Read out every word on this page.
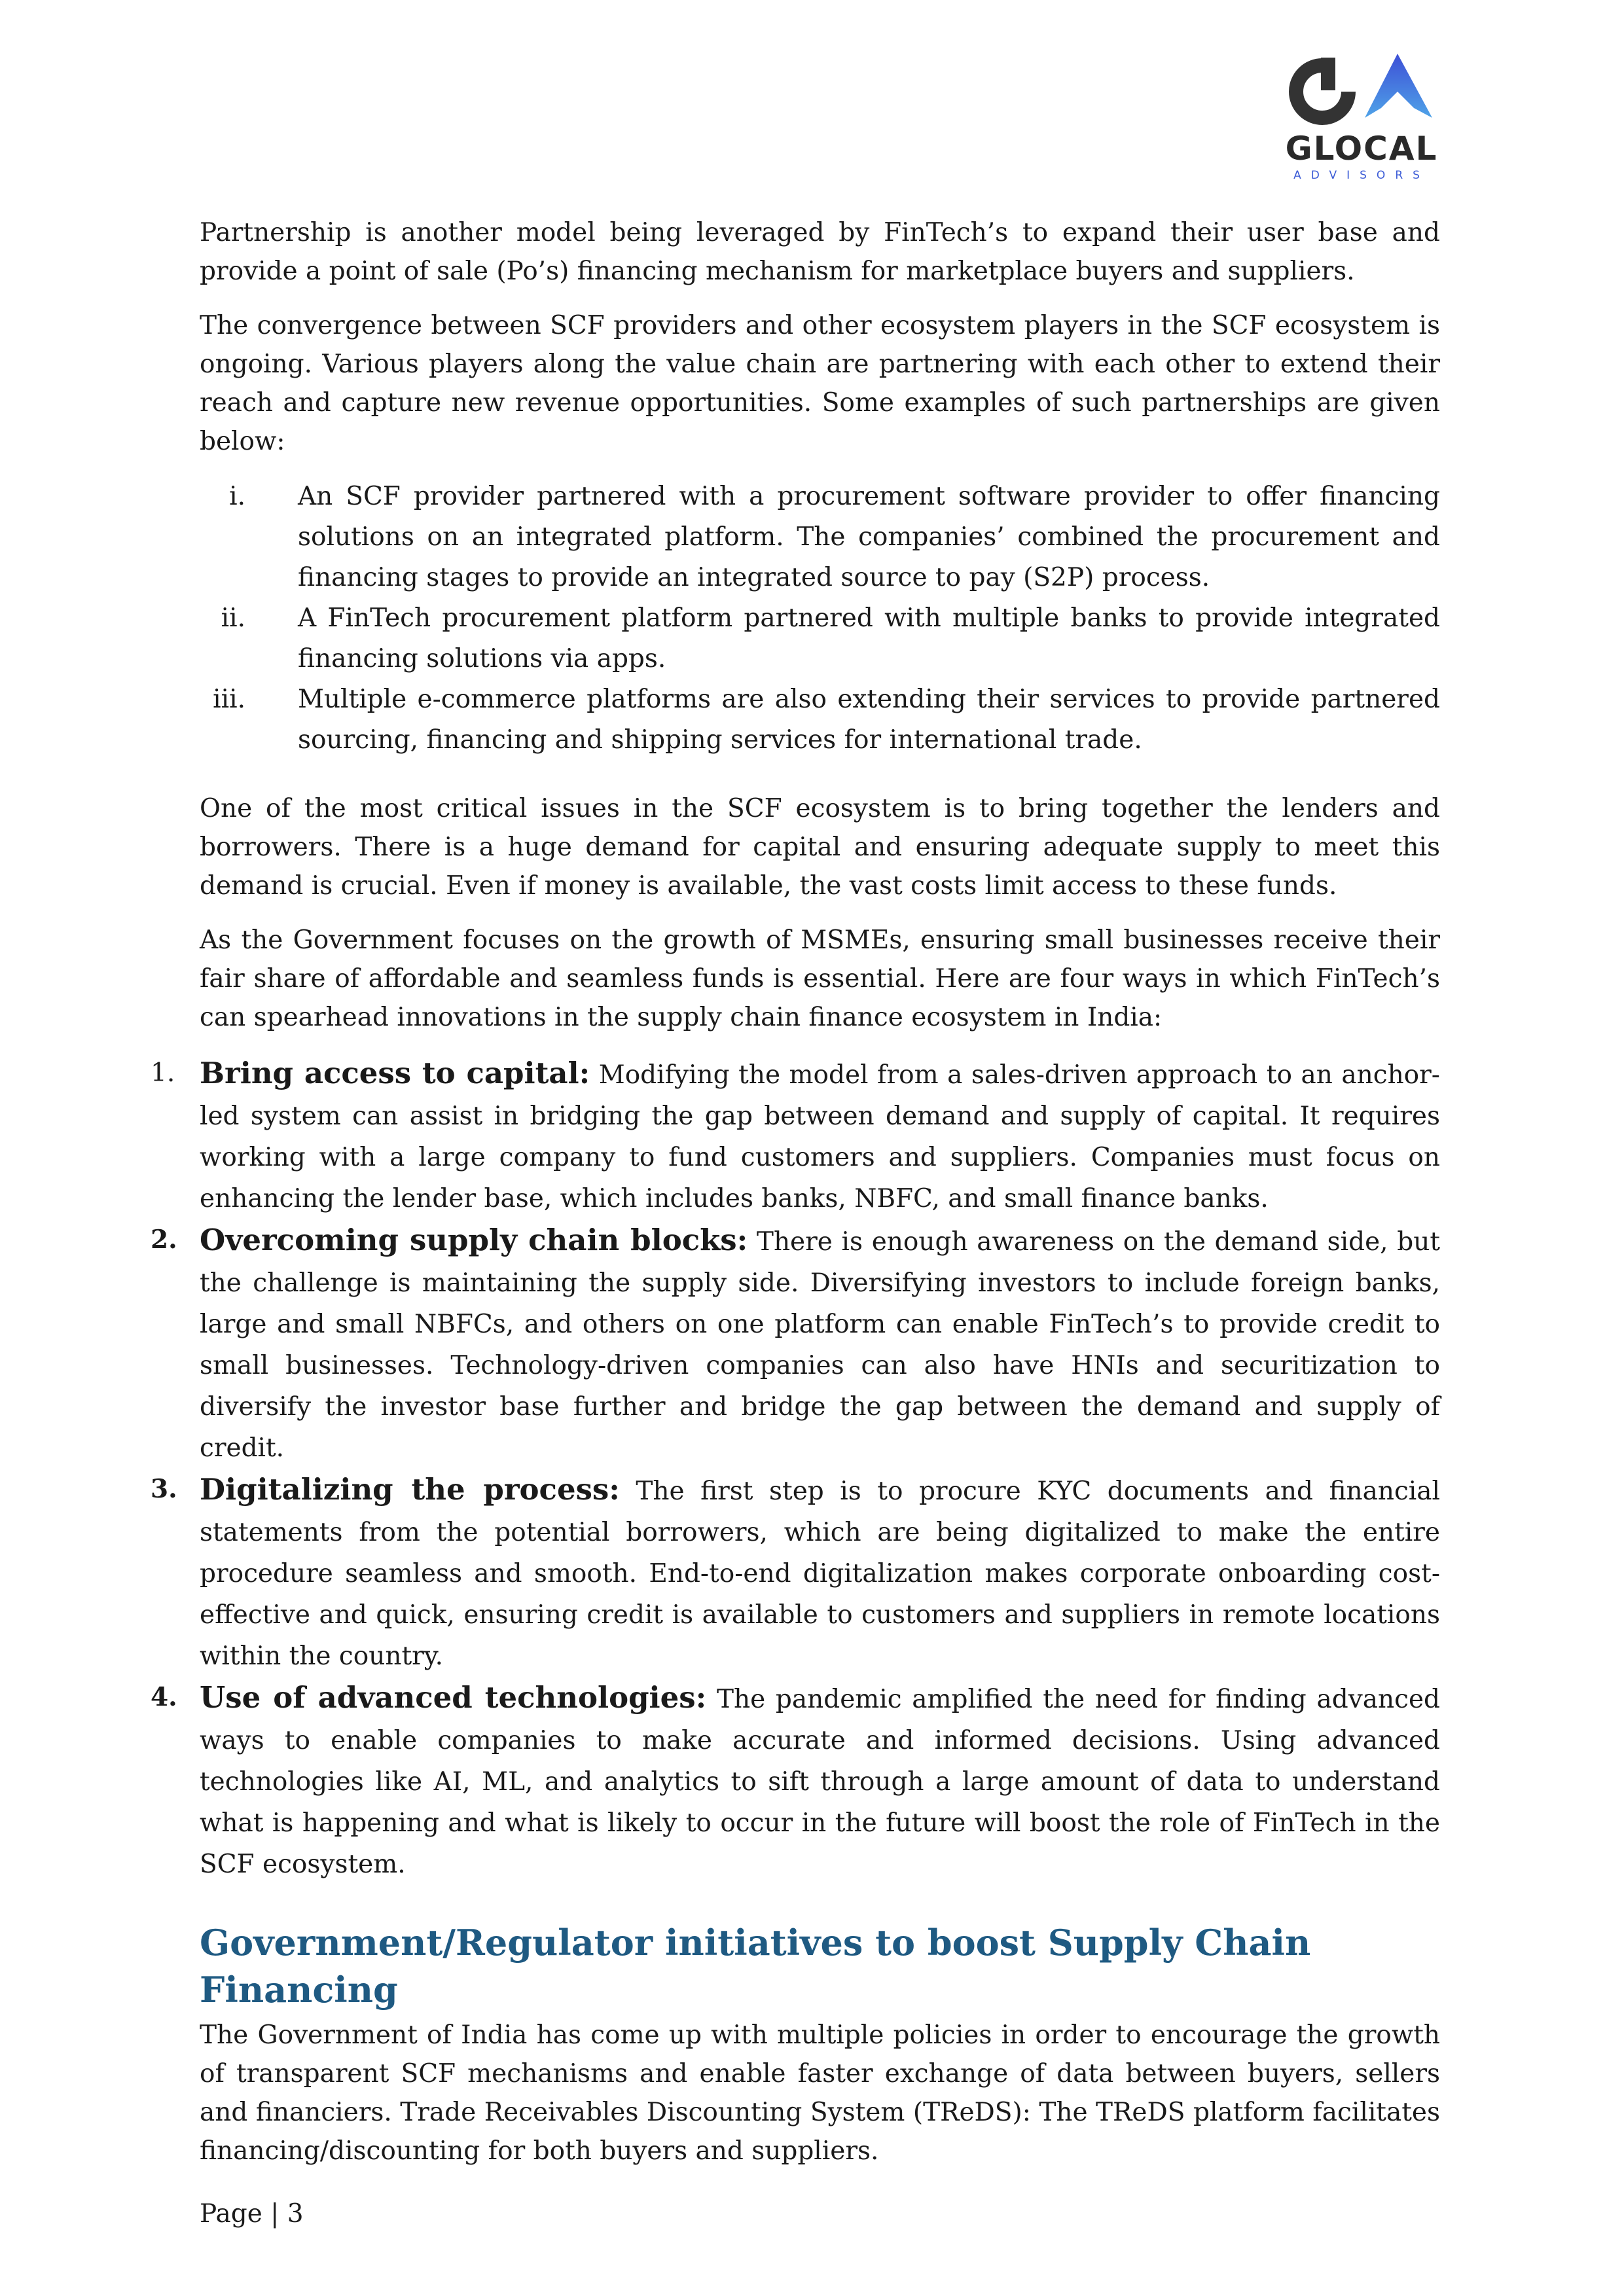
GLOCAL
ADVISORS

Partnership is another model being leveraged by FinTech’s to expand their user base and provide a point of sale (Po’s) financing mechanism for marketplace buyers and suppliers.

The convergence between SCF providers and other ecosystem players in the SCF ecosystem is ongoing. Various players along the value chain are partnering with each other to extend their reach and capture new revenue opportunities. Some examples of such partnerships are given below:

i. An SCF provider partnered with a procurement software provider to offer financing solutions on an integrated platform. The companies’ combined the procurement and financing stages to provide an integrated source to pay (S2P) process.
ii. A FinTech procurement platform partnered with multiple banks to provide integrated financing solutions via apps.
iii. Multiple e-commerce platforms are also extending their services to provide partnered sourcing, financing and shipping services for international trade.

One of the most critical issues in the SCF ecosystem is to bring together the lenders and borrowers. There is a huge demand for capital and ensuring adequate supply to meet this demand is crucial. Even if money is available, the vast costs limit access to these funds.

As the Government focuses on the growth of MSMEs, ensuring small businesses receive their fair share of affordable and seamless funds is essential. Here are four ways in which FinTech’s can spearhead innovations in the supply chain finance ecosystem in India:

1. Bring access to capital: Modifying the model from a sales-driven approach to an anchor-led system can assist in bridging the gap between demand and supply of capital. It requires working with a large company to fund customers and suppliers. Companies must focus on enhancing the lender base, which includes banks, NBFC, and small finance banks.
2. Overcoming supply chain blocks: There is enough awareness on the demand side, but the challenge is maintaining the supply side. Diversifying investors to include foreign banks, large and small NBFCs, and others on one platform can enable FinTech’s to provide credit to small businesses. Technology-driven companies can also have HNIs and securitization to diversify the investor base further and bridge the gap between the demand and supply of credit.
3. Digitalizing the process: The first step is to procure KYC documents and financial statements from the potential borrowers, which are being digitalized to make the entire procedure seamless and smooth. End-to-end digitalization makes corporate onboarding cost-effective and quick, ensuring credit is available to customers and suppliers in remote locations within the country.
4. Use of advanced technologies: The pandemic amplified the need for finding advanced ways to enable companies to make accurate and informed decisions. Using advanced technologies like AI, ML, and analytics to sift through a large amount of data to understand what is happening and what is likely to occur in the future will boost the role of FinTech in the SCF ecosystem.
Government/Regulator initiatives to boost Supply Chain Financing

The Government of India has come up with multiple policies in order to encourage the growth of transparent SCF mechanisms and enable faster exchange of data between buyers, sellers and financiers. Trade Receivables Discounting System (TReDS): The TReDS platform facilitates financing/discounting for both buyers and suppliers.

Page | 3
